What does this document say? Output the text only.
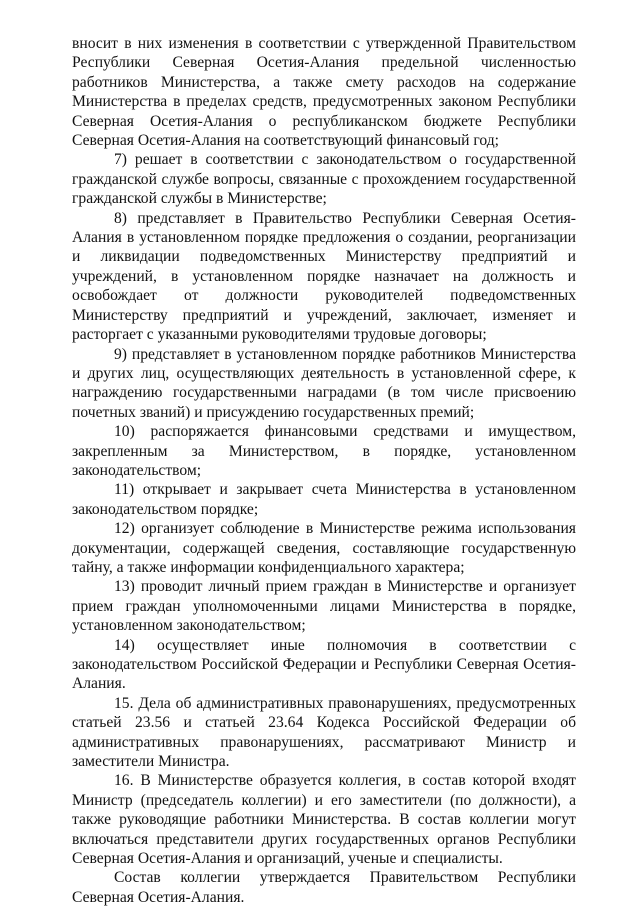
вносит в них изменения в соответствии с утвержденной Правительством Республики Северная Осетия-Алания предельной численностью работников Министерства, а также смету расходов на содержание Министерства в пределах средств, предусмотренных законом Республики Северная Осетия-Алания о республиканском бюджете Республики Северная Осетия-Алания на соответствующий финансовый год;

7) решает в соответствии с законодательством о государственной гражданской службе вопросы, связанные с прохождением государственной гражданской службы в Министерстве;

8) представляет в Правительство Республики Северная Осетия-Алания в установленном порядке предложения о создании, реорганизации и ликвидации подведомственных Министерству предприятий и учреждений, в установленном порядке назначает на должность и освобождает от должности руководителей подведомственных Министерству предприятий и учреждений, заключает, изменяет и расторгает с указанными руководителями трудовые договоры;

9) представляет в установленном порядке работников Министерства и других лиц, осуществляющих деятельность в установленной сфере, к награждению государственными наградами (в том числе присвоению почетных званий) и присуждению государственных премий;

10) распоряжается финансовыми средствами и имуществом, закрепленным за Министерством, в порядке, установленном законодательством;

11) открывает и закрывает счета Министерства в установленном законодательством порядке;

12) организует соблюдение в Министерстве режима использования документации, содержащей сведения, составляющие государственную тайну, а также информации конфиденциального характера;

13) проводит личный прием граждан в Министерстве и организует прием граждан уполномоченными лицами Министерства в порядке, установленном законодательством;

14) осуществляет иные полномочия в соответствии с законодательством Российской Федерации и Республики Северная Осетия-Алания.

15. Дела об административных правонарушениях, предусмотренных статьей 23.56 и статьей 23.64 Кодекса Российской Федерации об административных правонарушениях, рассматривают Министр и заместители Министра.

16. В Министерстве образуется коллегия, в состав которой входят Министр (председатель коллегии) и его заместители (по должности), а также руководящие работники Министерства. В состав коллегии могут включаться представители других государственных органов Республики Северная Осетия-Алания и организаций, ученые и специалисты.

Состав коллегии утверждается Правительством Республики Северная Осетия-Алания.
